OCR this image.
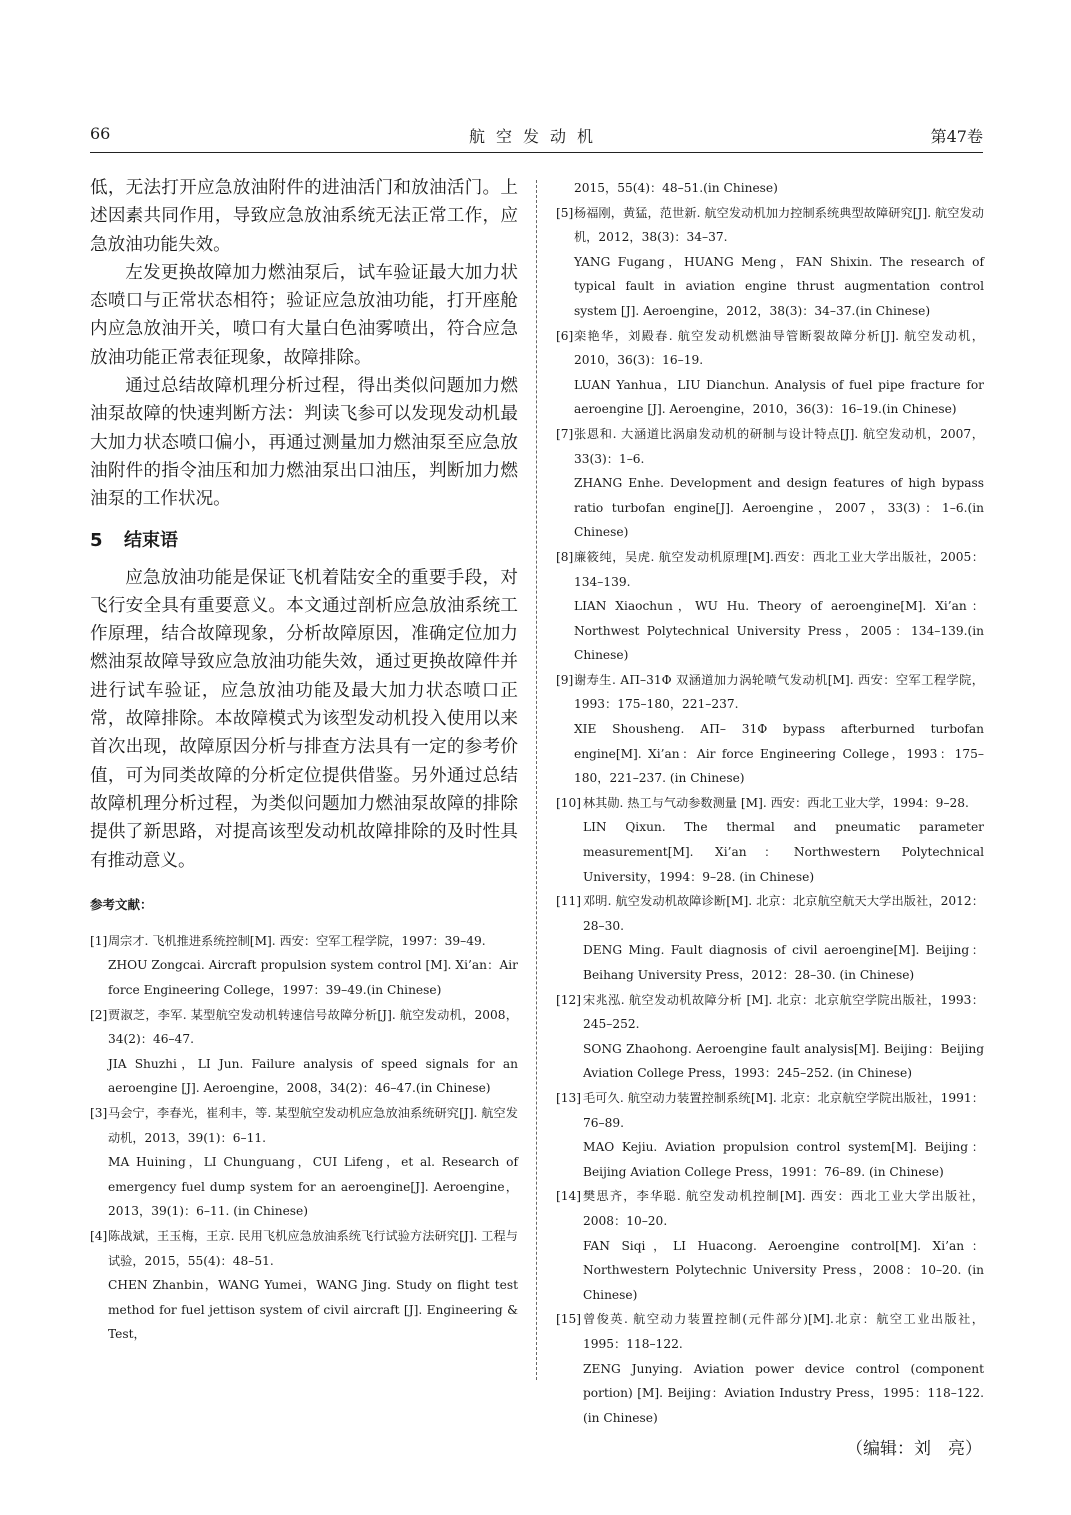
66	航空发动机	第47卷

低，无法打开应急放油附件的进油活门和放油活门。上述因素共同作用，导致应急放油系统无法正常工作，应急放油功能失效。

左发更换故障加力燃油泵后，试车验证最大加力状态喷口与正常状态相符；验证应急放油功能，打开座舱内应急放油开关，喷口有大量白色油雾喷出，符合应急放油功能正常表征现象，故障排除。

通过总结故障机理分析过程，得出类似问题加力燃油泵故障的快速判断方法：判读飞参可以发现发动机最大加力状态喷口偏小，再通过测量加力燃油泵至应急放油附件的指令油压和加力燃油泵出口油压，判断加力燃油泵的工作状况。

5 结束语

应急放油功能是保证飞机着陆安全的重要手段，对飞行安全具有重要意义。本文通过剖析应急放油系统工作原理，结合故障现象，分析故障原因，准确定位加力燃油泵故障导致应急放油功能失效，通过更换故障件并进行试车验证，应急放油功能及最大加力状态喷口正常，故障排除。本故障模式为该型发动机投入使用以来首次出现，故障原因分析与排查方法具有一定的参考价值，可为同类故障的分析定位提供借鉴。另外通过总结故障机理分析过程，为类似问题加力燃油泵故障的排除提供了新思路，对提高该型发动机故障排除的及时性具有推动意义。

参考文献：
[1] 周宗才. 飞机推进系统控制[M]. 西安：空军工程学院，1997：39–49.
ZHOU Zongcai. Aircraft propulsion system control [M]. Xi’an：Air force Engineering College，1997：39–49.(in Chinese)
[2] 贾淑芝，李军. 某型航空发动机转速信号故障分析[J]. 航空发动机，2008，34(2)：46–47.
JIA Shuzhi，LI Jun. Failure analysis of speed signals for an aeroengine [J]. Aeroengine，2008，34(2)：46–47.(in Chinese)
[3] 马会宁，李春光，崔利丰，等. 某型航空发动机应急放油系统研究[J]. 航空发动机，2013，39(1)：6–11.
MA Huining，LI Chunguang，CUI Lifeng，et al. Research of emergency fuel dump system for an aeroengine[J]. Aeroengine，2013，39(1)：6–11. (in Chinese)
[4] 陈战斌，王玉梅，王京. 民用飞机应急放油系统飞行试验方法研究[J]. 工程与试验，2015，55(4)：48–51.
CHEN Zhanbin，WANG Yumei，WANG Jing. Study on flight test method for fuel jettison system of civil aircraft [J]. Engineering & Test，
2015，55(4)：48–51.(in Chinese)
[5] 杨福刚，黄猛，范世新. 航空发动机加力控制系统典型故障研究[J]. 航空发动机，2012，38(3)：34–37.
YANG Fugang，HUANG Meng，FAN Shixin. The research of typical fault in aviation engine thrust augmentation control system [J]. Aeroengine，2012，38(3)：34–37.(in Chinese)
[6] 栾艳华，刘殿春. 航空发动机燃油导管断裂故障分析[J]. 航空发动机，2010，36(3)：16–19.
LUAN Yanhua，LIU Dianchun. Analysis of fuel pipe fracture for aeroengine [J]. Aeroengine，2010，36(3)：16–19.(in Chinese)
[7] 张恩和. 大涵道比涡扇发动机的研制与设计特点[J]. 航空发动机，2007，33(3)：1–6.
ZHANG Enhe. Development and design features of high bypass ratio turbofan engine[J]. Aeroengine，2007，33(3)：1–6.(in Chinese)
[8] 廉筱纯，吴虎. 航空发动机原理[M].西安：西北工业大学出版社，2005：134–139.
LIAN Xiaochun，WU Hu. Theory of aeroengine[M]. Xi’an：Northwest Polytechnical University Press，2005：134–139.(in Chinese)
[9] 谢寿生. АΠ–31Φ 双涵道加力涡轮喷气发动机[M]. 西安：空军工程学院，1993：175–180，221–237.
XIE Shousheng. АΠ– 31Φ bypass afterburned turbofan engine[M]. Xi’an：Air force Engineering College，1993：175–180，221–237. (in Chinese)
[10] 林其勋. 热工与气动参数测量 [M]. 西安：西北工业大学，1994：9–28.
LIN Qixun. The thermal and pneumatic parameter measurement[M]. Xi’an：Northwestern Polytechnical University，1994：9–28. (in Chinese)
[11] 邓明. 航空发动机故障诊断[M]. 北京：北京航空航天大学出版社，2012：28–30.
DENG Ming. Fault diagnosis of civil aeroengine[M]. Beijing：Beihang University Press，2012：28–30. (in Chinese)
[12] 宋兆泓. 航空发动机故障分析 [M]. 北京：北京航空学院出版社，1993：245–252.
SONG Zhaohong. Aeroengine fault analysis[M]. Beijing：Beijing Aviation College Press，1993：245–252. (in Chinese)
[13] 毛可久. 航空动力装置控制系统[M]. 北京：北京航空学院出版社，1991：76–89.
MAO Kejiu. Aviation propulsion control system[M]. Beijing：Beijing Aviation College Press，1991：76–89. (in Chinese)
[14] 樊思齐，李华聪. 航空发动机控制[M]. 西安：西北工业大学出版社，2008：10–20.
FAN Siqi，LI Huacong. Aeroengine control[M]. Xi’an：Northwestern Polytechnic University Press，2008：10–20. (in Chinese)
[15] 曾俊英. 航空动力装置控制(元件部分)[M].北京：航空工业出版社，1995：118–122.
ZENG Junying. Aviation power device control (component portion) [M]. Beijing：Aviation Industry Press，1995：118–122. (in Chinese)
（编辑：刘　亮）
